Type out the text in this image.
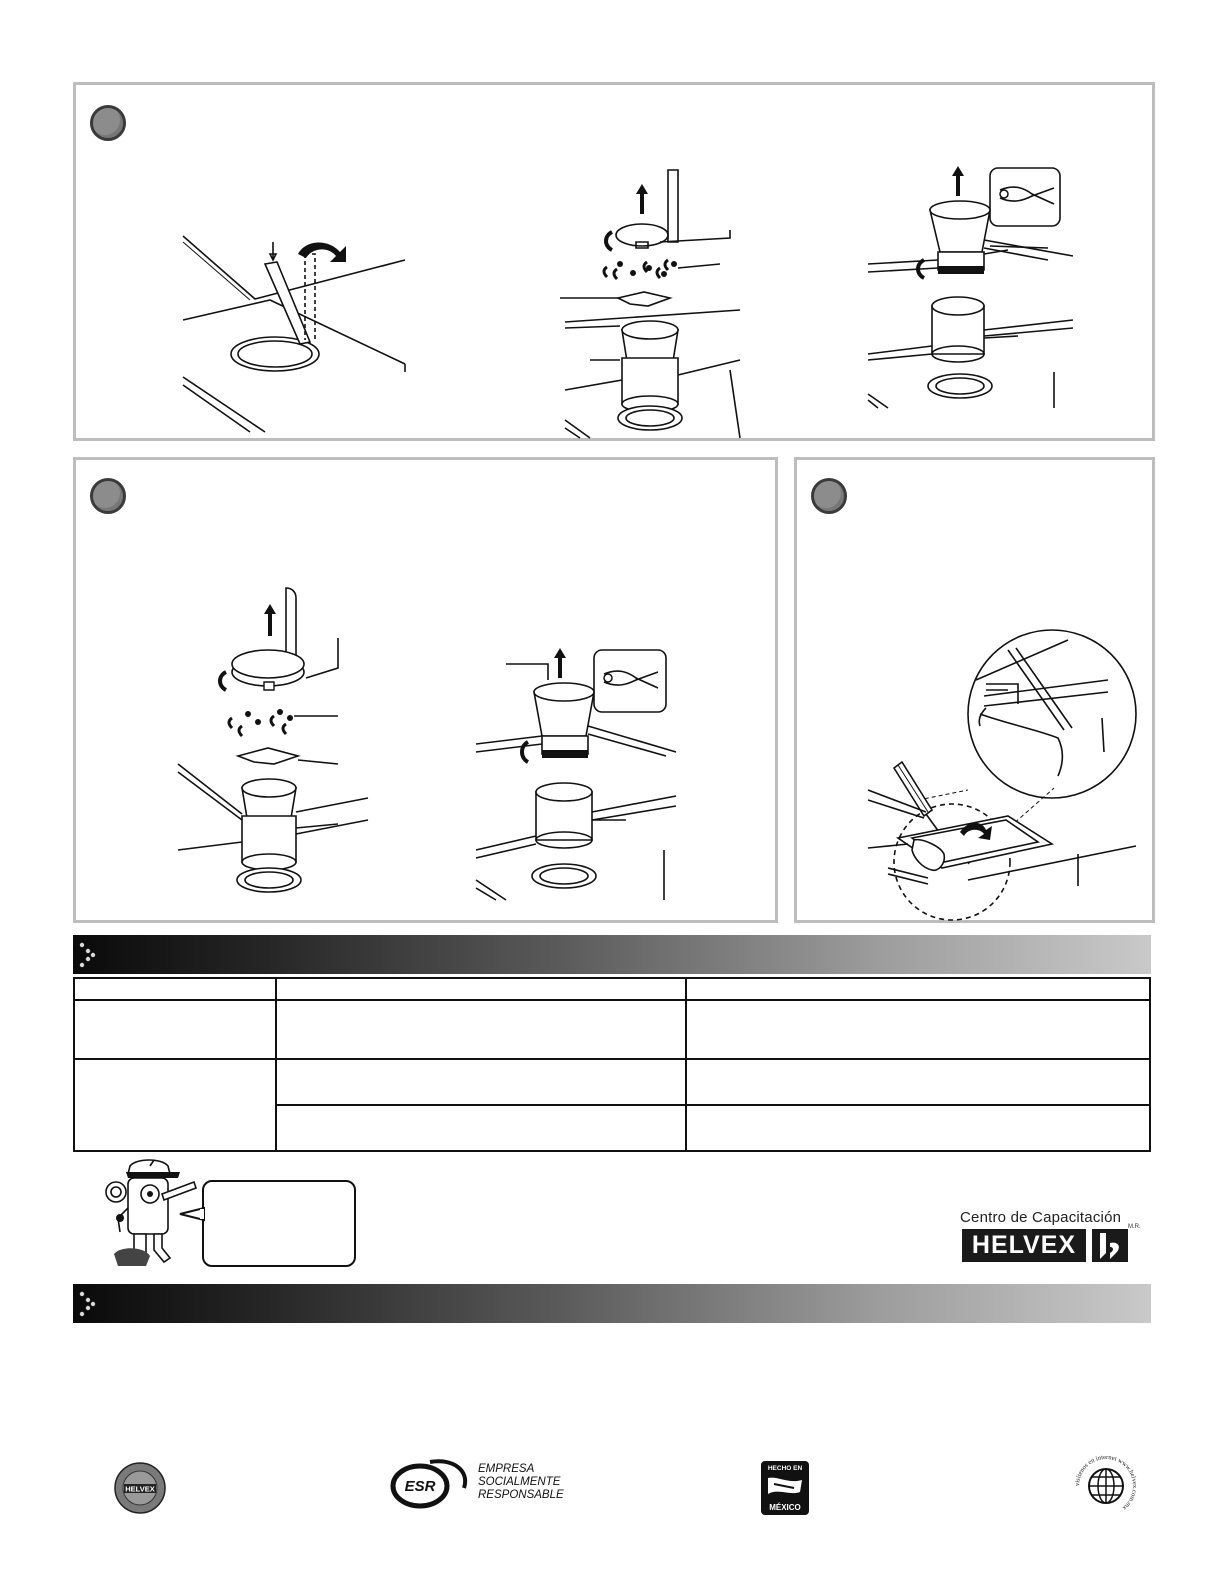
Centro de Capacitación
HELVEX
M.R.
HELVEX	ESR
EMPRESA
SOCIALMENTE
RESPONSABLE
HECHO EN
MÉXICO
visítenos en internet www.helvex.com.mx
